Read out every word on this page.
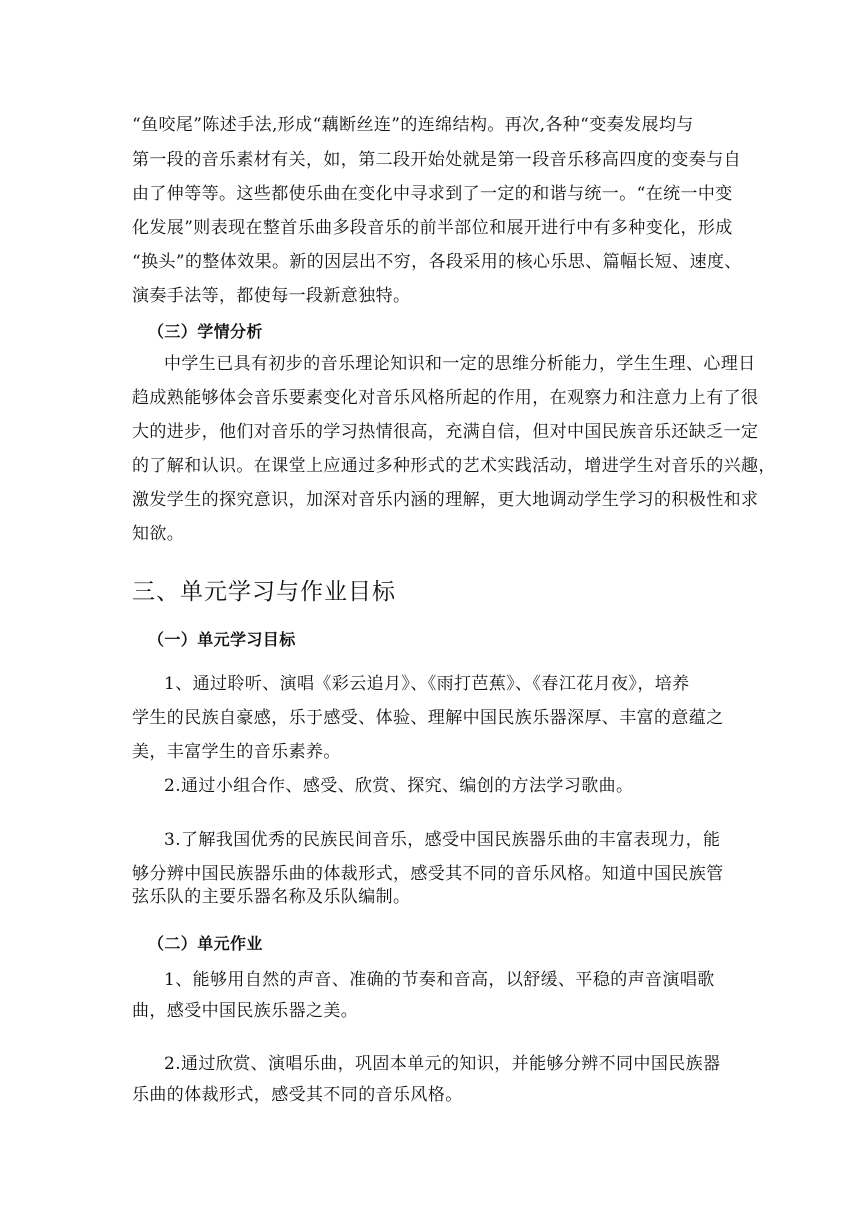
“鱼咬尾”陈述手法,形成“藕断丝连”的连绵结构。再次,各种“变奏发展均与
第一段的音乐素材有关，如，第二段开始处就是第一段音乐移高四度的变奏与自
由了伸等等。这些都使乐曲在变化中寻求到了一定的和谐与统一。“在统一中变
化发展”则表现在整首乐曲多段音乐的前半部位和展开进行中有多种变化，形成
“换头”的整体效果。新的因层出不穷，各段采用的核心乐思、篇幅长短、速度、
演奏手法等，都使每一段新意独特。
（三）学情分析
中学生已具有初步的音乐理论知识和一定的思维分析能力，学生生理、心理日
趋成熟能够体会音乐要素变化对音乐风格所起的作用，在观察力和注意力上有了很
大的进步，他们对音乐的学习热情很高，充满自信，但对中国民族音乐还缺乏一定
的了解和认识。在课堂上应通过多种形式的艺术实践活动，增进学生对音乐的兴趣，
激发学生的探究意识，加深对音乐内涵的理解，更大地调动学生学习的积极性和求
知欲。
三、单元学习与作业目标
（一）单元学习目标
1、通过聆听、演唱《彩云追月》、《雨打芭蕉》、《春江花月夜》，培养
学生的民族自豪感，乐于感受、体验、理解中国民族乐器深厚、丰富的意蕴之
美，丰富学生的音乐素养。
2.通过小组合作、感受、欣赏、探究、编创的方法学习歌曲。
3.了解我国优秀的民族民间音乐，感受中国民族器乐曲的丰富表现力，能
够分辨中国民族器乐曲的体裁形式，感受其不同的音乐风格。知道中国民族管
弦乐队的主要乐器名称及乐队编制。
（二）单元作业
1、能够用自然的声音、准确的节奏和音高，以舒缓、平稳的声音演唱歌
曲，感受中国民族乐器之美。
2.通过欣赏、演唱乐曲，巩固本单元的知识，并能够分辨不同中国民族器
乐曲的体裁形式，感受其不同的音乐风格。
